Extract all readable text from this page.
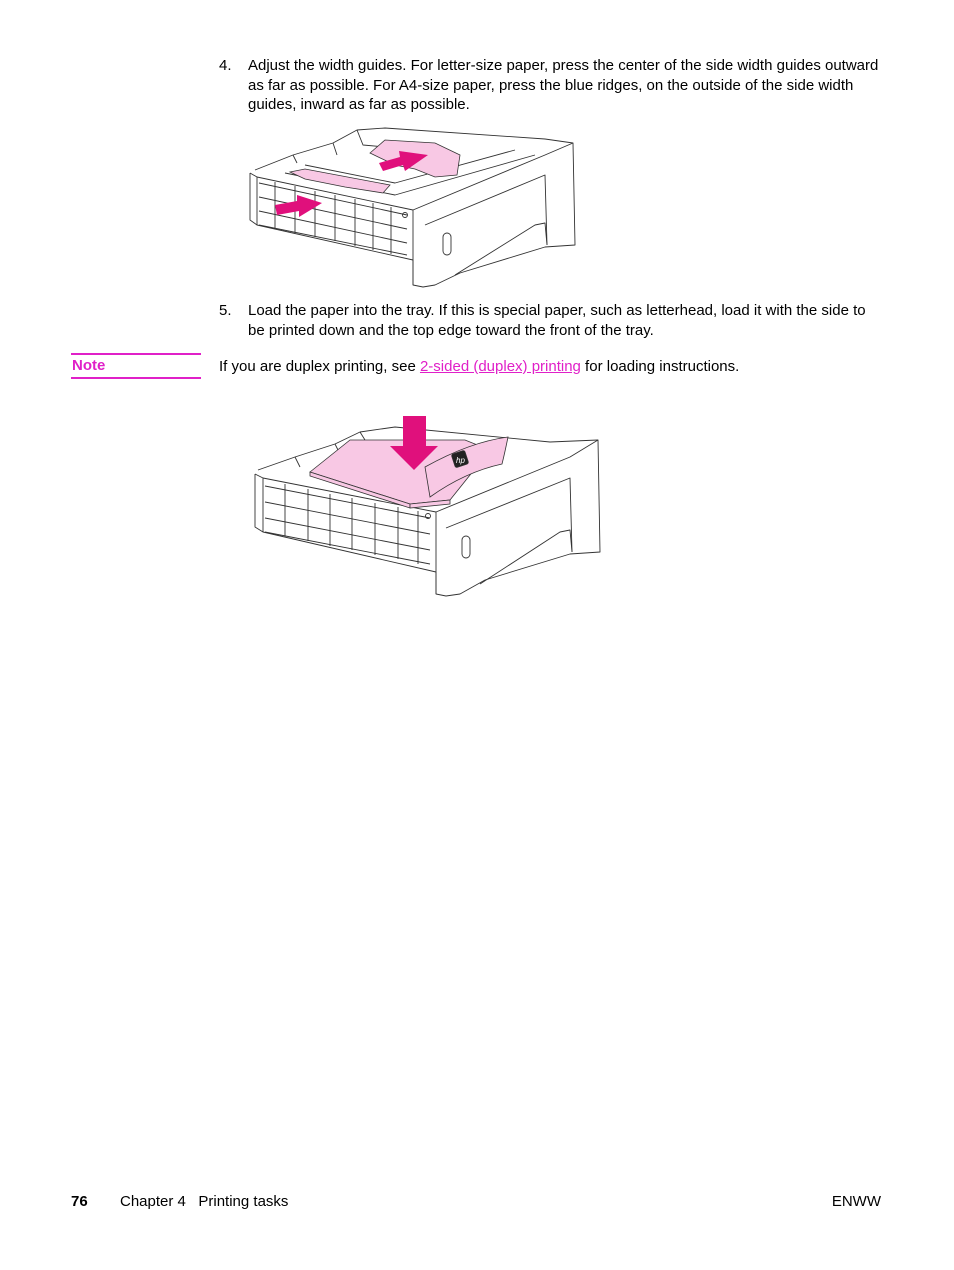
4. Adjust the width guides. For letter-size paper, press the center of the side width guides outward as far as possible. For A4-size paper, press the blue ridges, on the outside of the side width guides, inward as far as possible.
5. Load the paper into the tray. If this is special paper, such as letterhead, load it with the side to be printed down and the top edge toward the front of the tray.
Note	If you are duplex printing, see 2-sided (duplex) printing for loading instructions.
hp
76 Chapter 4   Printing tasks	ENWW
